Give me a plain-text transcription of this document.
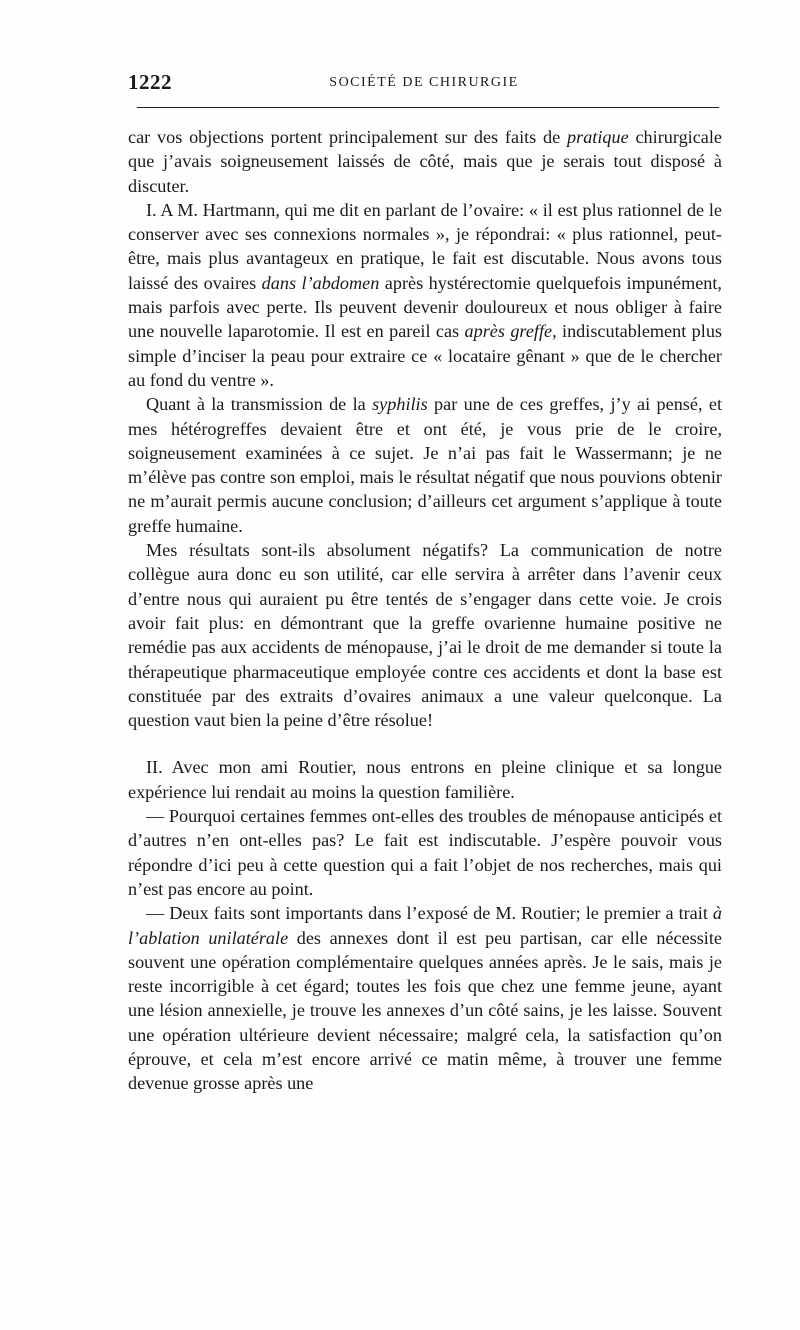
1222	SOCIÉTÉ DE CHIRURGIE

car vos objections portent principalement sur des faits de pratique chirurgicale que j’avais soigneusement laissés de côté, mais que je serais tout disposé à discuter.

I. A M. Hartmann, qui me dit en parlant de l’ovaire: « il est plus rationnel de le conserver avec ses connexions normales », je répondrai: « plus rationnel, peut-être, mais plus avantageux en pratique, le fait est discutable. Nous avons tous laissé des ovaires dans l’abdomen après hystérectomie quelquefois impunément, mais parfois avec perte. Ils peuvent devenir douloureux et nous obliger à faire une nouvelle laparotomie. Il est en pareil cas après greffe, indiscutablement plus simple d’inciser la peau pour extraire ce « locataire gênant » que de le chercher au fond du ventre ».

Quant à la transmission de la syphilis par une de ces greffes, j’y ai pensé, et mes hétérogreffes devaient être et ont été, je vous prie de le croire, soigneusement examinées à ce sujet. Je n’ai pas fait le Wassermann; je ne m’élève pas contre son emploi, mais le résultat négatif que nous pouvions obtenir ne m’aurait permis aucune conclusion; d’ailleurs cet argument s’applique à toute greffe humaine.

Mes résultats sont-ils absolument négatifs? La communication de notre collègue aura donc eu son utilité, car elle servira à arrêter dans l’avenir ceux d’entre nous qui auraient pu être tentés de s’engager dans cette voie. Je crois avoir fait plus: en démontrant que la greffe ovarienne humaine positive ne remédie pas aux accidents de ménopause, j’ai le droit de me demander si toute la thérapeutique pharmaceutique employée contre ces accidents et dont la base est constituée par des extraits d’ovaires animaux a une valeur quelconque. La question vaut bien la peine d’être résolue!

II. Avec mon ami Routier, nous entrons en pleine clinique et sa longue expérience lui rendait au moins la question familière.

— Pourquoi certaines femmes ont-elles des troubles de ménopause anticipés et d’autres n’en ont-elles pas? Le fait est indiscutable. J’espère pouvoir vous répondre d’ici peu à cette question qui a fait l’objet de nos recherches, mais qui n’est pas encore au point.

— Deux faits sont importants dans l’exposé de M. Routier; le premier a trait à l’ablation unilatérale des annexes dont il est peu partisan, car elle nécessite souvent une opération complémentaire quelques années après. Je le sais, mais je reste incorrigible à cet égard; toutes les fois que chez une femme jeune, ayant une lésion annexielle, je trouve les annexes d’un côté sains, je les laisse. Souvent une opération ultérieure devient nécessaire; malgré cela, la satisfaction qu’on éprouve, et cela m’est encore arrivé ce matin même, à trouver une femme devenue grosse après une
